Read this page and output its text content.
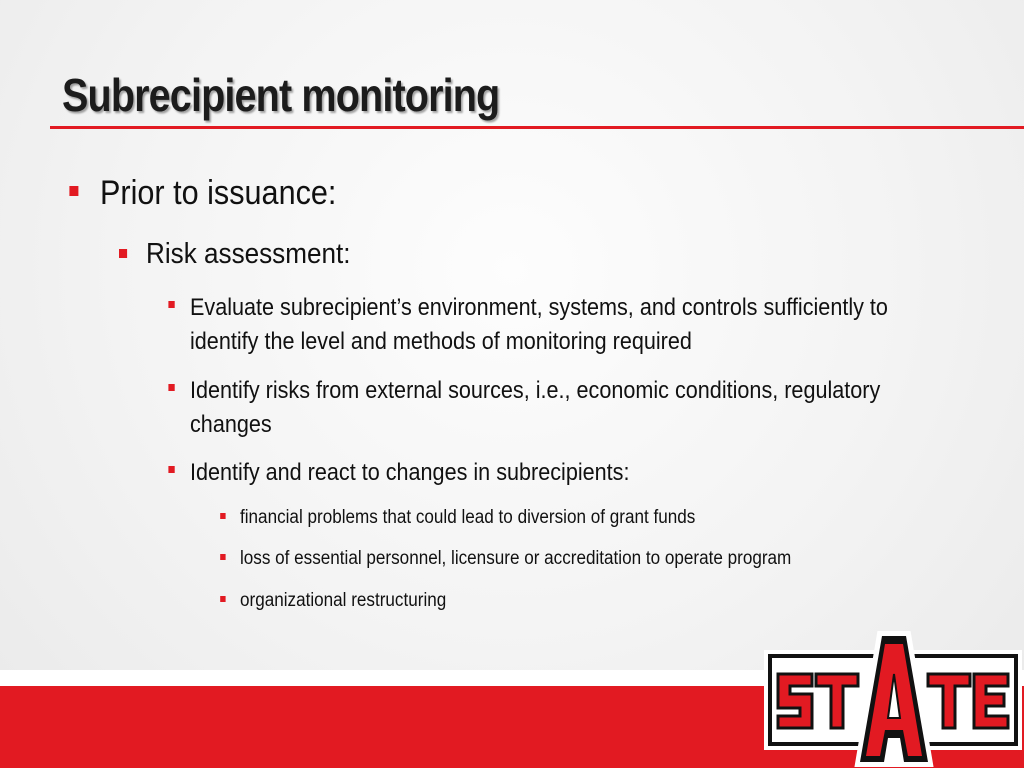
Subrecipient monitoring
Prior to issuance:
Risk assessment:
Evaluate subrecipient’s environment, systems, and controls sufficiently to identify the level and methods of monitoring required
Identify risks from external sources, i.e., economic conditions, regulatory changes
Identify and react to changes in subrecipients:
financial problems that could lead to diversion of grant funds
loss of essential personnel, licensure or accreditation to operate program
organizational restructuring
